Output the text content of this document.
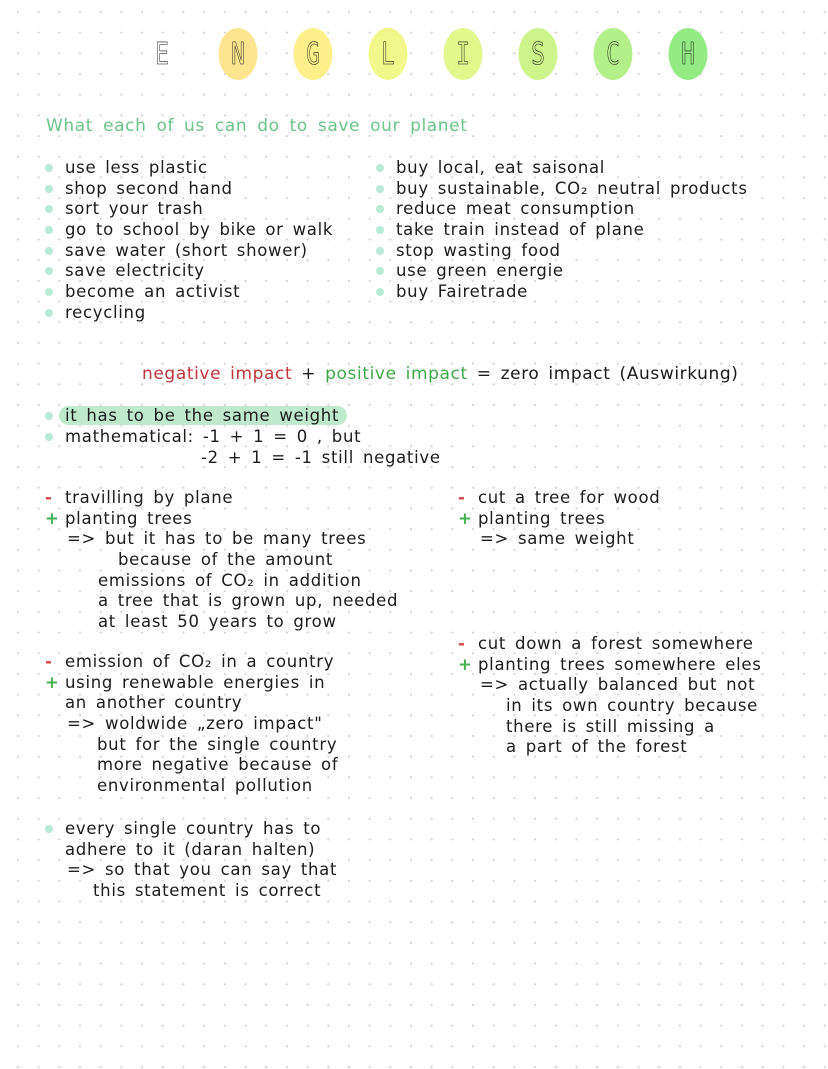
E N G L I S C H
What each of us can do to save our planet
use less plastic
shop second hand
sort your trash
go to school by bike or walk
save water (short shower)
save electricity
become an activist
recycling
buy local, eat saisonal
buy sustainable, CO₂ neutral products
reduce meat consumption
take train instead of plane
stop wasting food
use green energie
buy Fairetrade
negative impact + positive impact = zero impact (Auswirkung)
it has to be the same weight
mathematical: -1 + 1 = 0 , but
-2 + 1 = -1 still negative
- travilling by plane
+ planting trees
=> but it has to be many trees
because of the amount
emissions of CO₂ in addition
a tree that is grown up, needed
at least 50 years to grow
- cut a tree for wood
+ planting trees
=> same weight
- cut down a forest somewhere
+ planting trees somewhere eles
=> actually balanced but not
in its own country because
there is still missing a
a part of the forest
- emission of CO₂ in a country
+ using renewable energies in
an another country
=> woldwide „zero impact"
but for the single country
more negative because of
environmental pollution
every single country has to
adhere to it (daran halten)
=> so that you can say that
this statement is correct
